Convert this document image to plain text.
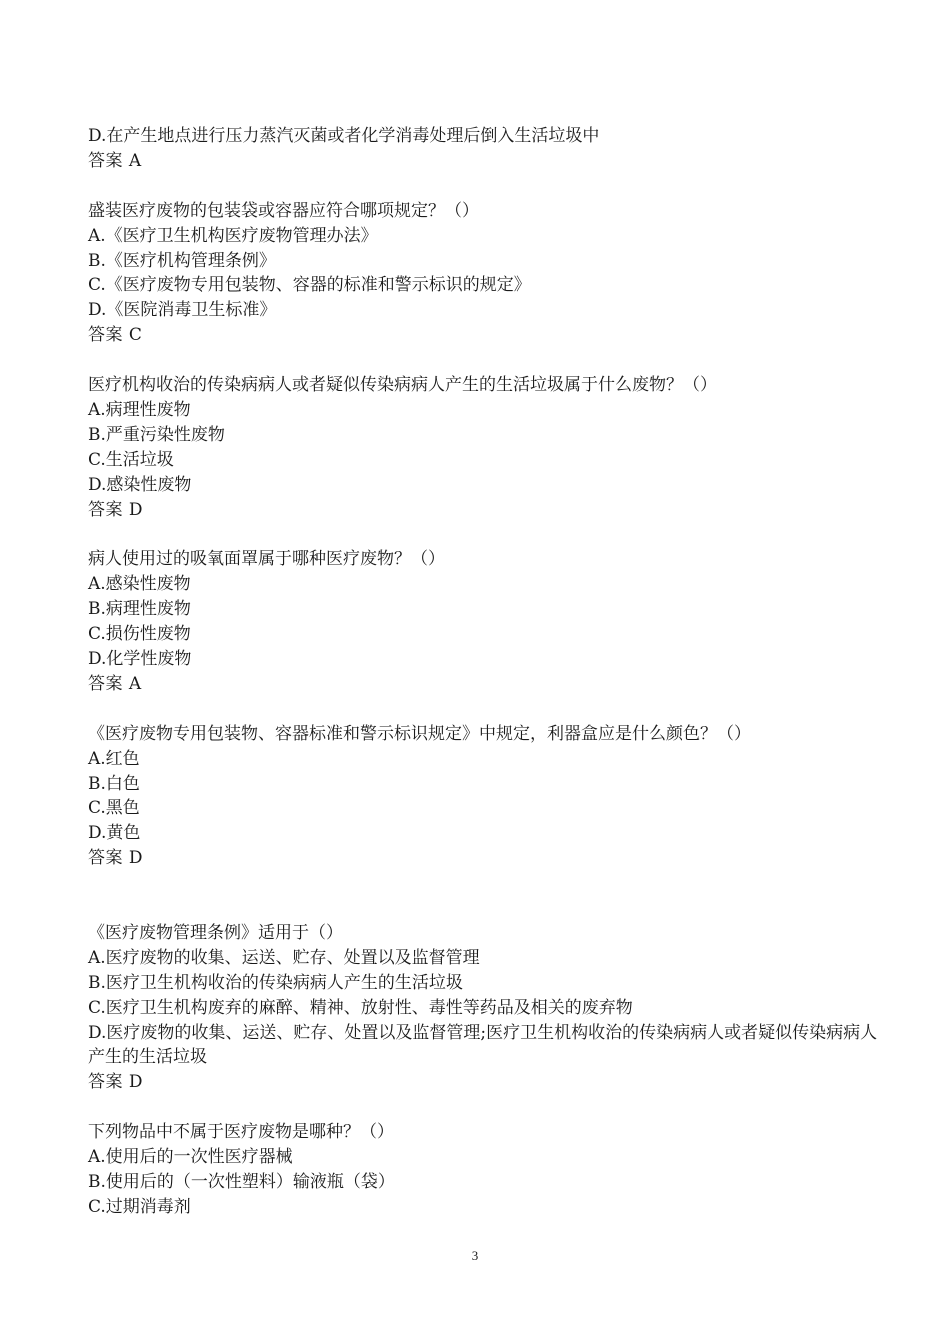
D.在产生地点进行压力蒸汽灭菌或者化学消毒处理后倒入生活垃圾中
答案 A
盛装医疗废物的包装袋或容器应符合哪项规定？（）
A.《医疗卫生机构医疗废物管理办法》
B.《医疗机构管理条例》
C.《医疗废物专用包装物、容器的标准和警示标识的规定》
D.《医院消毒卫生标准》
答案 C
医疗机构收治的传染病病人或者疑似传染病病人产生的生活垃圾属于什么废物？（）
A.病理性废物
B.严重污染性废物
C.生活垃圾
D.感染性废物
答案 D
病人使用过的吸氧面罩属于哪种医疗废物？（）
A.感染性废物
B.病理性废物
C.损伤性废物
D.化学性废物
答案 A
《医疗废物专用包装物、容器标准和警示标识规定》中规定，利器盒应是什么颜色？（）
A.红色
B.白色
C.黑色
D.黄色
答案 D
《医疗废物管理条例》适用于（）
A.医疗废物的收集、运送、贮存、处置以及监督管理
B.医疗卫生机构收治的传染病病人产生的生活垃圾
C.医疗卫生机构废弃的麻醉、精神、放射性、毒性等药品及相关的废弃物
D.医疗废物的收集、运送、贮存、处置以及监督管理;医疗卫生机构收治的传染病病人或者疑似传染病病人产生的生活垃圾
答案 D
下列物品中不属于医疗废物是哪种？（）
A.使用后的一次性医疗器械
B.使用后的（一次性塑料）输液瓶（袋）
C.过期消毒剂
3
